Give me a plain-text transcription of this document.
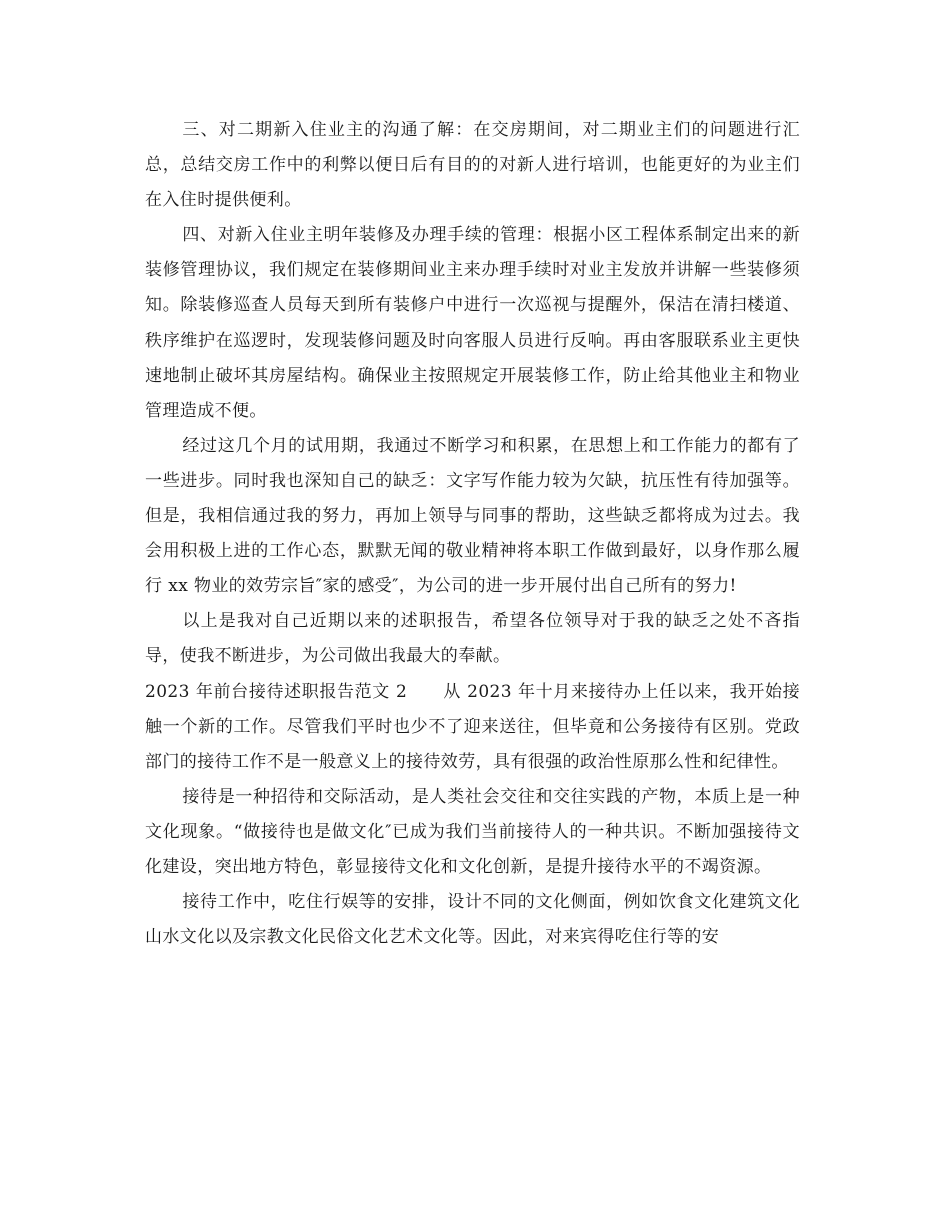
三、对二期新入住业主的沟通了解：在交房期间，对二期业主们的问题进行汇总，总结交房工作中的利弊以便日后有目的的对新人进行培训，也能更好的为业主们在入住时提供便利。

四、对新入住业主明年装修及办理手续的管理：根据小区工程体系制定出来的新装修管理协议，我们规定在装修期间业主来办理手续时对业主发放并讲解一些装修须知。除装修巡查人员每天到所有装修户中进行一次巡视与提醒外，保洁在清扫楼道、秩序维护在巡逻时，发现装修问题及时向客服人员进行反响。再由客服联系业主更快速地制止破坏其房屋结构。确保业主按照规定开展装修工作，防止给其他业主和物业管理造成不便。

经过这几个月的试用期，我通过不断学习和积累，在思想上和工作能力的都有了一些进步。同时我也深知自己的缺乏：文字写作能力较为欠缺，抗压性有待加强等。但是，我相信通过我的努力，再加上领导与同事的帮助，这些缺乏都将成为过去。我会用积极上进的工作心态，默默无闻的敬业精神将本职工作做到最好，以身作那么履行 xx 物业的效劳宗旨″家的感受″，为公司的进一步开展付出自己所有的努力!

以上是我对自己近期以来的述职报告，希望各位领导对于我的缺乏之处不吝指导，使我不断进步，为公司做出我最大的奉献。

2023 年前台接待述职报告范文 2 从 2023 年十月来接待办上任以来，我开始接触一个新的工作。尽管我们平时也少不了迎来送往，但毕竟和公务接待有区别。党政部门的接待工作不是一般意义上的接待效劳，具有很强的政治性原那么性和纪律性。

接待是一种招待和交际活动，是人类社会交往和交往实践的产物，本质上是一种文化现象。“做接待也是做文化″已成为我们当前接待人的一种共识。不断加强接待文化建设，突出地方特色，彰显接待文化和文化创新，是提升接待水平的不竭资源。

接待工作中，吃住行娱等的安排，设计不同的文化侧面，例如饮食文化建筑文化山水文化以及宗教文化民俗文化艺术文化等。因此，对来宾得吃住行等的安
